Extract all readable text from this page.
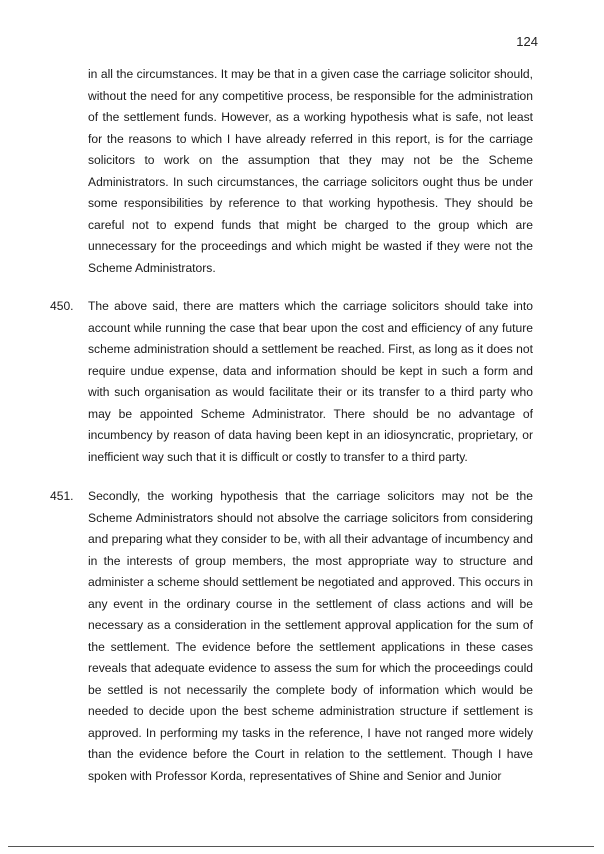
124

in all the circumstances. It may be that in a given case the carriage solicitor should, without the need for any competitive process, be responsible for the administration of the settlement funds. However, as a working hypothesis what is safe, not least for the reasons to which I have already referred in this report, is for the carriage solicitors to work on the assumption that they may not be the Scheme Administrators. In such circumstances, the carriage solicitors ought thus be under some responsibilities by reference to that working hypothesis. They should be careful not to expend funds that might be charged to the group which are unnecessary for the proceedings and which might be wasted if they were not the Scheme Administrators.

450. The above said, there are matters which the carriage solicitors should take into account while running the case that bear upon the cost and efficiency of any future scheme administration should a settlement be reached. First, as long as it does not require undue expense, data and information should be kept in such a form and with such organisation as would facilitate their or its transfer to a third party who may be appointed Scheme Administrator. There should be no advantage of incumbency by reason of data having been kept in an idiosyncratic, proprietary, or inefficient way such that it is difficult or costly to transfer to a third party.
451. Secondly, the working hypothesis that the carriage solicitors may not be the Scheme Administrators should not absolve the carriage solicitors from considering and preparing what they consider to be, with all their advantage of incumbency and in the interests of group members, the most appropriate way to structure and administer a scheme should settlement be negotiated and approved. This occurs in any event in the ordinary course in the settlement of class actions and will be necessary as a consideration in the settlement approval application for the sum of the settlement. The evidence before the settlement applications in these cases reveals that adequate evidence to assess the sum for which the proceedings could be settled is not necessarily the complete body of information which would be needed to decide upon the best scheme administration structure if settlement is approved. In performing my tasks in the reference, I have not ranged more widely than the evidence before the Court in relation to the settlement. Though I have spoken with Professor Korda, representatives of Shine and Senior and Junior
